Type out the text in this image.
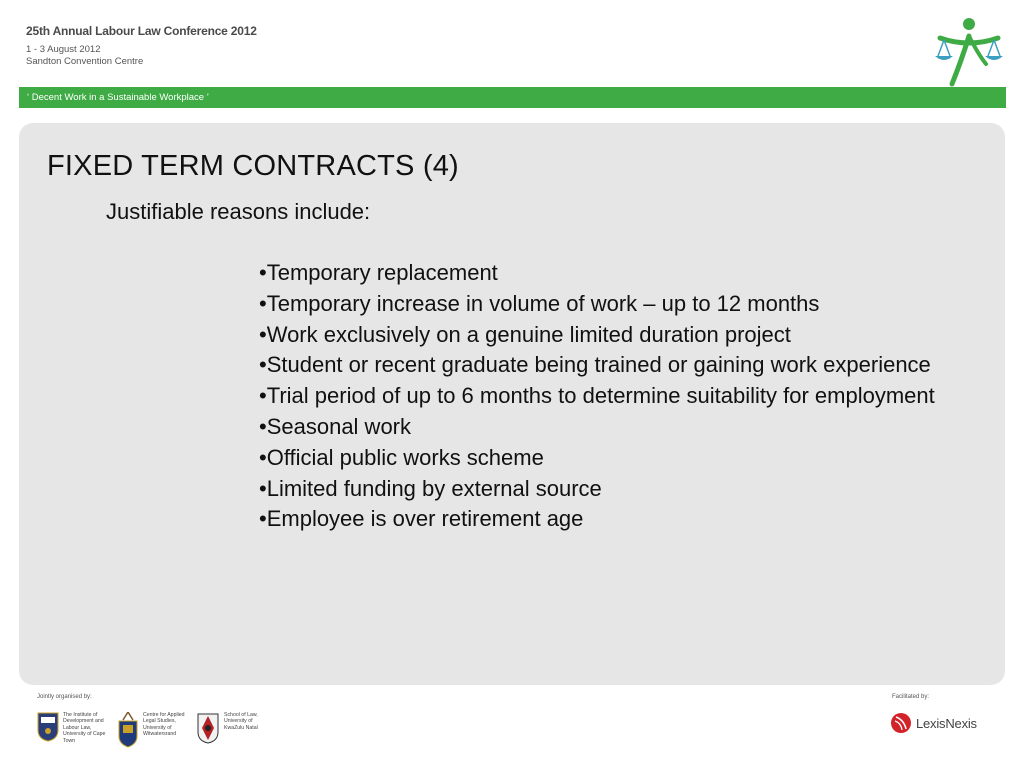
25th Annual Labour Law Conference 2012
1 - 3 August 2012
Sandton Convention Centre
‘ Decent Work in a Sustainable Workplace ’
FIXED TERM CONTRACTS (4)
Justifiable reasons include:
•Temporary replacement
•Temporary increase in volume of work – up to 12 months
•Work exclusively on a genuine limited duration project
•Student or recent graduate being trained or gaining work experience
•Trial period of up to 6 months to determine suitability for employment
•Seasonal work
•Official public works scheme
•Limited funding by external source
•Employee is over retirement age
Jointly organised by:	Facilitated by:
The Institute of Development and Labour Law, University of Cape Town
Centre for Applied Legal Studies, University of Witwatersrand
School of Law, University of KwaZulu Natal	LexisNexis
